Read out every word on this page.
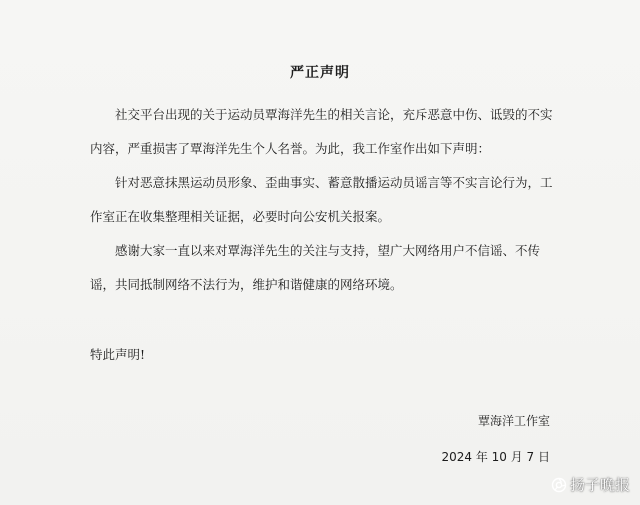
严正声明

社交平台出现的关于运动员覃海洋先生的相关言论，充斥恶意中伤、诋毁的不实内容，严重损害了覃海洋先生个人名誉。为此，我工作室作出如下声明：

针对恶意抹黑运动员形象、歪曲事实、蓄意散播运动员谣言等不实言论行为，工作室正在收集整理相关证据，必要时向公安机关报案。

感谢大家一直以来对覃海洋先生的关注与支持，望广大网络用户不信谣、不传谣，共同抵制网络不法行为，维护和谐健康的网络环境。

特此声明!
覃海洋工作室
2024 年 10 月 7 日
扬子晚报
